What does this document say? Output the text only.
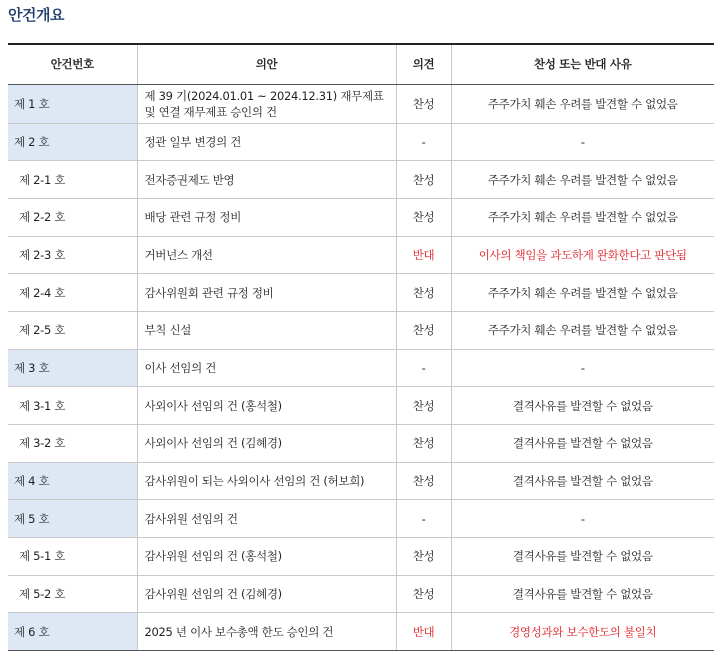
안건개요
안건번호	의안	의견	찬성 또는 반대 사유
제 1 호	제 39 기(2024.01.01 ~ 2024.12.31) 재무제표 및 연결 재무제표 승인의 건	찬성	주주가치 훼손 우려를 발견할 수 없었음
제 2 호	정관 일부 변경의 건	-	-
제 2-1 호	전자증권제도 반영	찬성	주주가치 훼손 우려를 발견할 수 없었음
제 2-2 호	배당 관련 규정 정비	찬성	주주가치 훼손 우려를 발견할 수 없었음
제 2-3 호	거버넌스 개선	반대	이사의 책임을 과도하게 완화한다고 판단됨
제 2-4 호	감사위원회 관련 규정 정비	찬성	주주가치 훼손 우려를 발견할 수 없었음
제 2-5 호	부칙 신설	찬성	주주가치 훼손 우려를 발견할 수 없었음
제 3 호	이사 선임의 건	-	-
제 3-1 호	사외이사 선임의 건 (홍석철)	찬성	결격사유를 발견할 수 없었음
제 3-2 호	사외이사 선임의 건 (김혜경)	찬성	결격사유를 발견할 수 없었음
제 4 호	감사위원이 되는 사외이사 선임의 건 (허보희)	찬성	결격사유를 발견할 수 없었음
제 5 호	감사위원 선임의 건	-	-
제 5-1 호	감사위원 선임의 건 (홍석철)	찬성	결격사유를 발견할 수 없었음
제 5-2 호	감사위원 선임의 건 (김혜경)	찬성	결격사유를 발견할 수 없었음
제 6 호	2025 년 이사 보수총액 한도 승인의 건	반대	경영성과와 보수한도의 불일치
